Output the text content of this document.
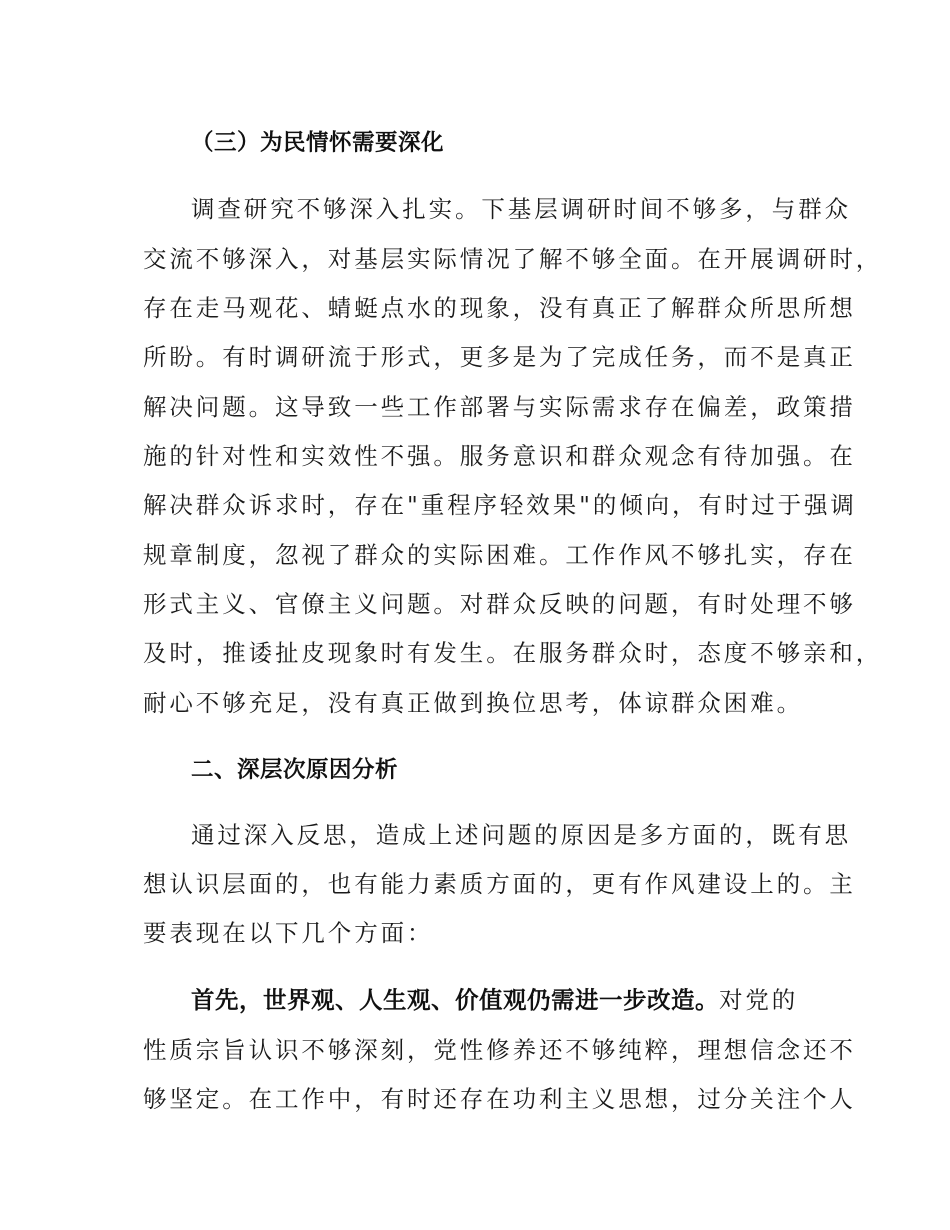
（三）为民情怀需要深化

调查研究不够深入扎实。下基层调研时间不够多，与群众

交流不够深入，对基层实际情况了解不够全面。在开展调研时，

存在走马观花、蜻蜓点水的现象，没有真正了解群众所思所想

所盼。有时调研流于形式，更多是为了完成任务，而不是真正

解决问题。这导致一些工作部署与实际需求存在偏差，政策措

施的针对性和实效性不强。服务意识和群众观念有待加强。在

解决群众诉求时，存在"重程序轻效果"的倾向，有时过于强调

规章制度，忽视了群众的实际困难。工作作风不够扎实，存在

形式主义、官僚主义问题。对群众反映的问题，有时处理不够

及时，推诿扯皮现象时有发生。在服务群众时，态度不够亲和，

耐心不够充足，没有真正做到换位思考，体谅群众困难。

二、深层次原因分析

通过深入反思，造成上述问题的原因是多方面的，既有思

想认识层面的，也有能力素质方面的，更有作风建设上的。主

要表现在以下几个方面：

首先，世界观、人生观、价值观仍需进一步改造。对党的

性质宗旨认识不够深刻，党性修养还不够纯粹，理想信念还不

够坚定。在工作中，有时还存在功利主义思想，过分关注个人
